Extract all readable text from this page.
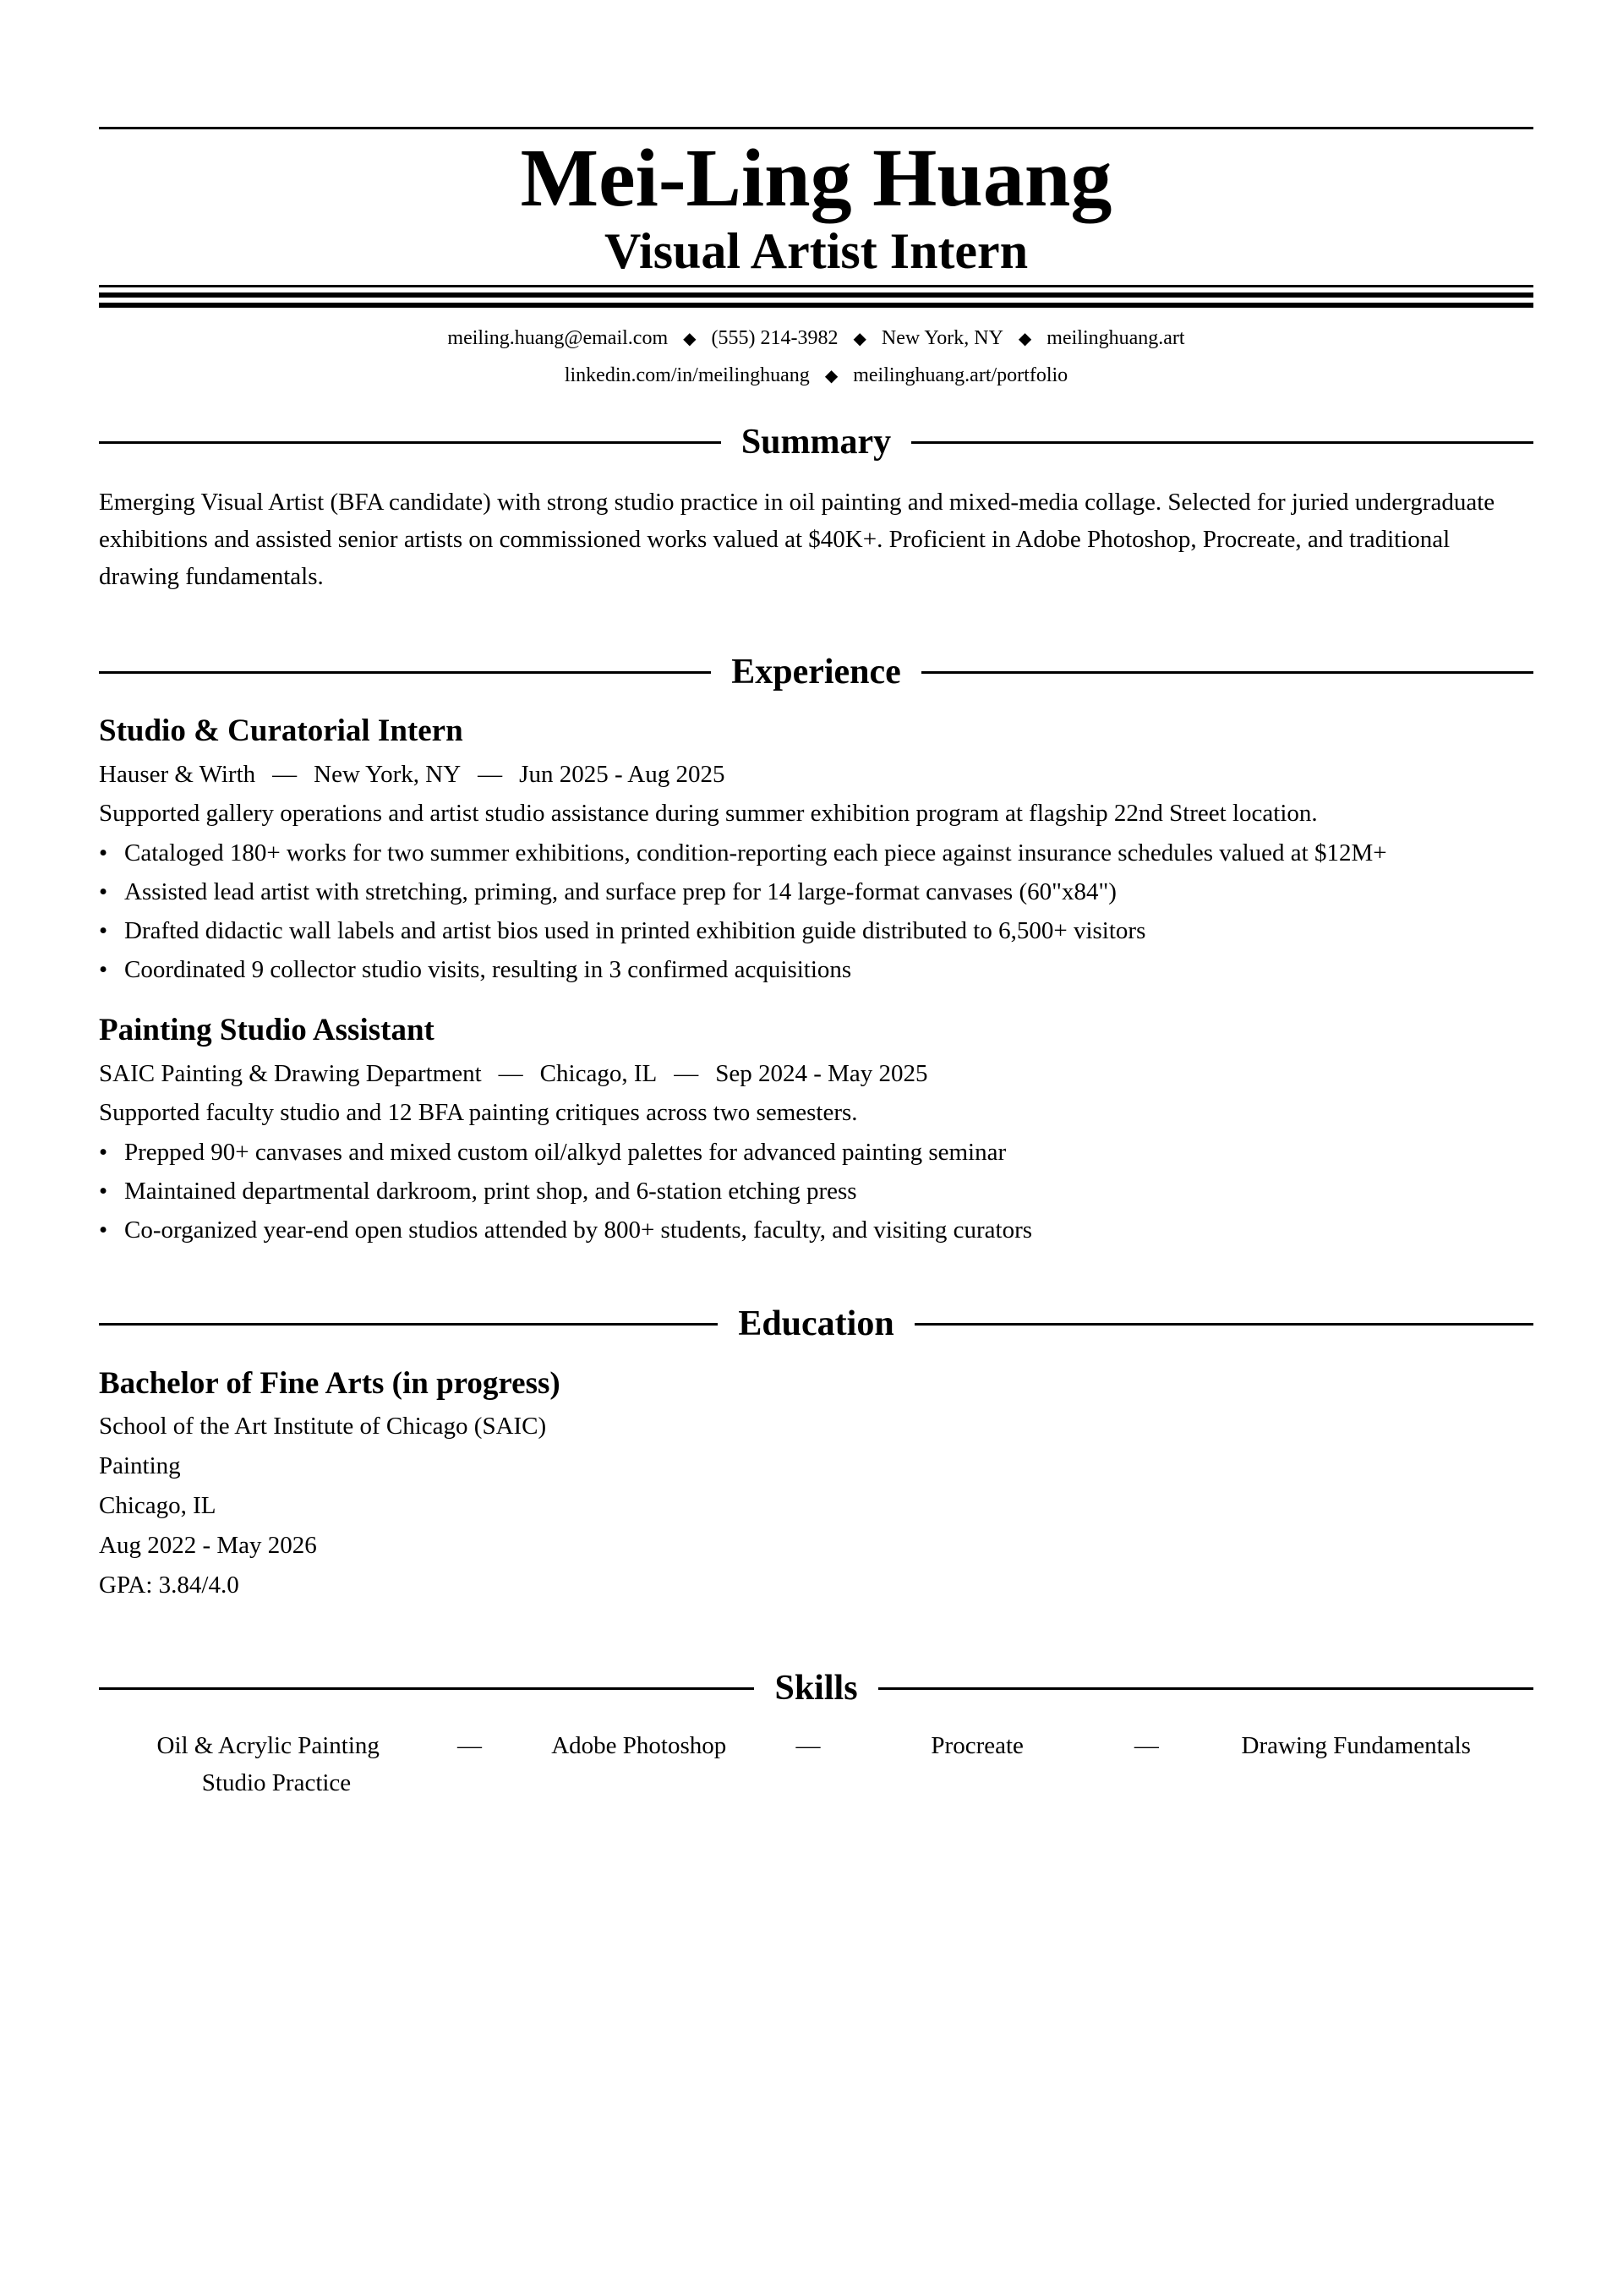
Mei-Ling Huang
Visual Artist Intern
meiling.huang@email.com ◆ (555) 214-3982 ◆ New York, NY ◆ meilinghuang.art
linkedin.com/in/meilinghuang ◆ meilinghuang.art/portfolio
Summary
Emerging Visual Artist (BFA candidate) with strong studio practice in oil painting and mixed-media collage. Selected for juried undergraduate exhibitions and assisted senior artists on commissioned works valued at $40K+. Proficient in Adobe Photoshop, Procreate, and traditional drawing fundamentals.
Experience
Studio & Curatorial Intern
Hauser & Wirth — New York, NY — Jun 2025 - Aug 2025
Supported gallery operations and artist studio assistance during summer exhibition program at flagship 22nd Street location.
• Cataloged 180+ works for two summer exhibitions, condition-reporting each piece against insurance schedules valued at $12M+
• Assisted lead artist with stretching, priming, and surface prep for 14 large-format canvases (60"x84")
• Drafted didactic wall labels and artist bios used in printed exhibition guide distributed to 6,500+ visitors
• Coordinated 9 collector studio visits, resulting in 3 confirmed acquisitions
Painting Studio Assistant
SAIC Painting & Drawing Department — Chicago, IL — Sep 2024 - May 2025
Supported faculty studio and 12 BFA painting critiques across two semesters.
• Prepped 90+ canvases and mixed custom oil/alkyd palettes for advanced painting seminar
• Maintained departmental darkroom, print shop, and 6-station etching press
• Co-organized year-end open studios attended by 800+ students, faculty, and visiting curators
Education
Bachelor of Fine Arts (in progress)
School of the Art Institute of Chicago (SAIC)
Painting
Chicago, IL
Aug 2022 - May 2026
GPA: 3.84/4.0
Skills
Oil & Acrylic Painting	—	Adobe Photoshop	—	Procreate	—	Drawing Fundamentals
Studio Practice
